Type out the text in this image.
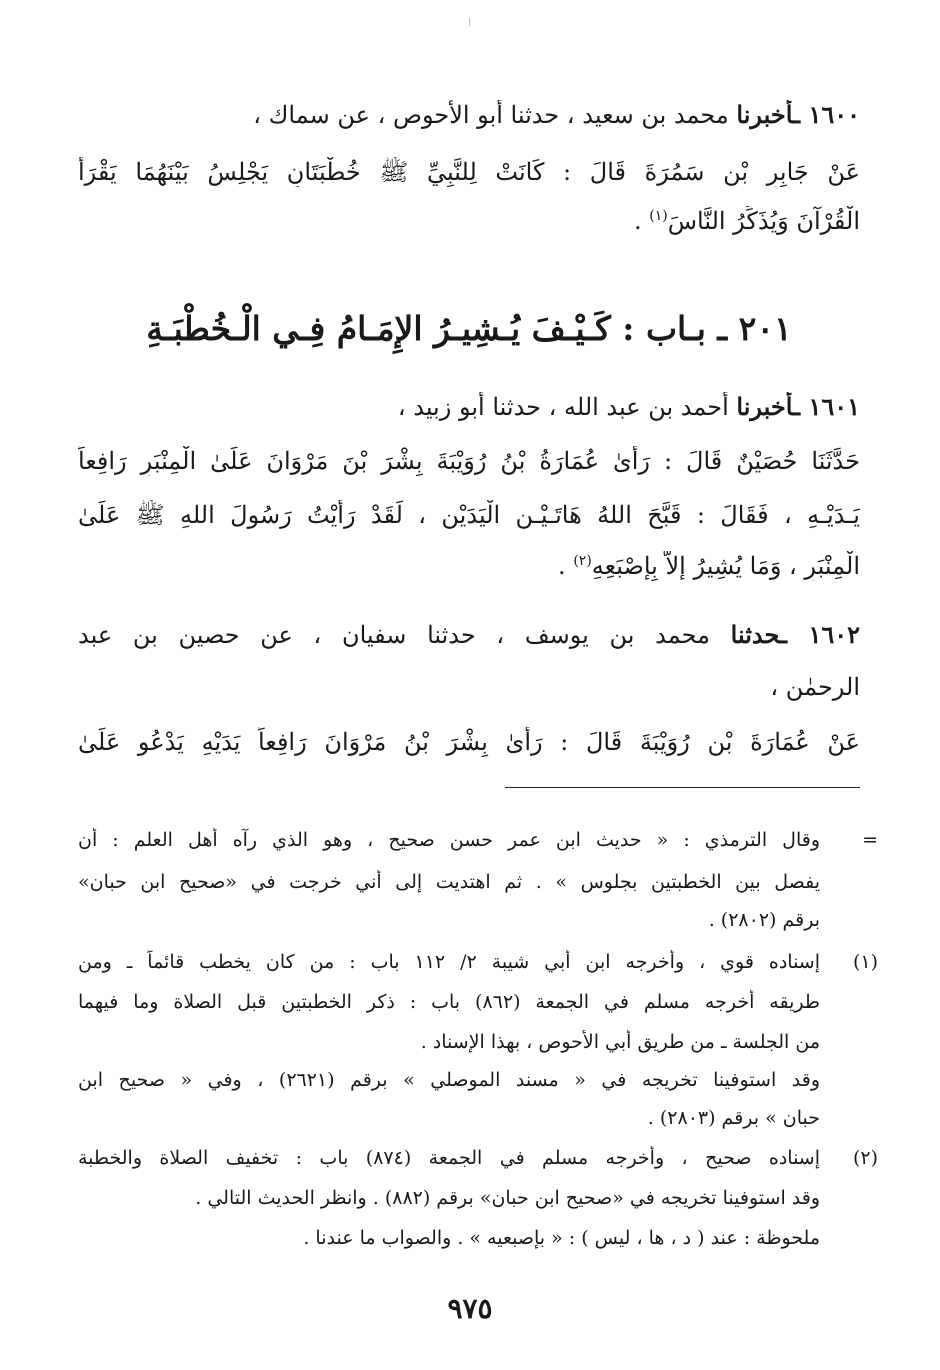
١٦٠٠ ـأخبرنا محمد بن سعيد ، حدثنا أبو الأحوص ، عن سماك ،
عَنْ جَابِرِ بْنِ سَمُرَةَ قَالَ : كَانَتْ لِلنَّبِيِّ ﷺ خُطْبَتَانِ يَجْلِسُ بَيْنَهُمَا يَقْرَأُ
الْقُرْآنَ وَيُذَكِّرُ النَّاسَ$^{(١)}$ .
٢٠١ ـ بـاب : كَـيْـفَ يُـشِيـرُ الإِمَـامُ فِـي الْـخُطْبَـةِ
١٦٠١ ـأخبرنا أحمد بن عبد الله ، حدثنا أبو زبيد ،
حَدَّثَنَا حُصَيْنٌ قَالَ : رَأَىٰ عُمَارَةُ بْنُ رُوَيْبَةَ بِشْرَ بْنَ مَرْوَانَ عَلَىٰ الْمِنْبَرِ رَافِعاً
يَـدَيْـهِ ، فَقَالَ : قَبَّحَ اللهُ هَاتَـيْـنِ الْيَدَيْنِ ، لَقَدْ رَأَيْتُ رَسُولَ اللهِ ﷺ عَلَىٰ
الْمِنْبَرِ ، وَمَا يُشِيرُ إِلاَّ بِإِصْبَعِهِ$^{(٢)}$ .
١٦٠٢ ـحدثنا محمد بن يوسف ، حدثنا سفيان ، عن حصين بن عبد
الرحمٰن ،
عَنْ عُمَارَةَ بْنِ رُوَيْبَةَ قَالَ : رَأَىٰ بِشْرَ بْنُ مَرْوَانَ رَافِعاً يَدَيْهِ يَدْعُو عَلَىٰ
=
وقال الترمذي : « حديث ابن عمر حسن صحيح ، وهو الذي رآه أهل العلم : أن
يفصل بين الخطبتين بجلوس » . ثم اهتديت إلى أني خرجت في «صحيح ابن حبان»
برقم (٢٨٠٢) .
(١)
إسناده قوي ، وأخرجه ابن أبي شيبة ٢/ ١١٢ باب : من كان يخطب قائماً ـ ومن
طريقه أخرجه مسلم في الجمعة (٨٦٢) باب : ذكر الخطبتين قبل الصلاة وما فيهما
من الجلسة ـ من طريق أبي الأحوص ، بهذا الإسناد .
وقد استوفينا تخريجه في « مسند الموصلي » برقم (٢٦٢١) ، وفي « صحيح ابن
حبان » برقم (٢٨٠٣) .
(٢)
إسناده صحيح ، وأخرجه مسلم في الجمعة (٨٧٤) باب : تخفيف الصلاة والخطبة
وقد استوفينا تخريجه في «صحيح ابن حبان» برقم (٨٨٢) . وانظر الحديث التالي .
ملحوظة : عند ( د ، ها ، ليس ) : « بإصبعيه » . والصواب ما عندنا .
٩٧٥
